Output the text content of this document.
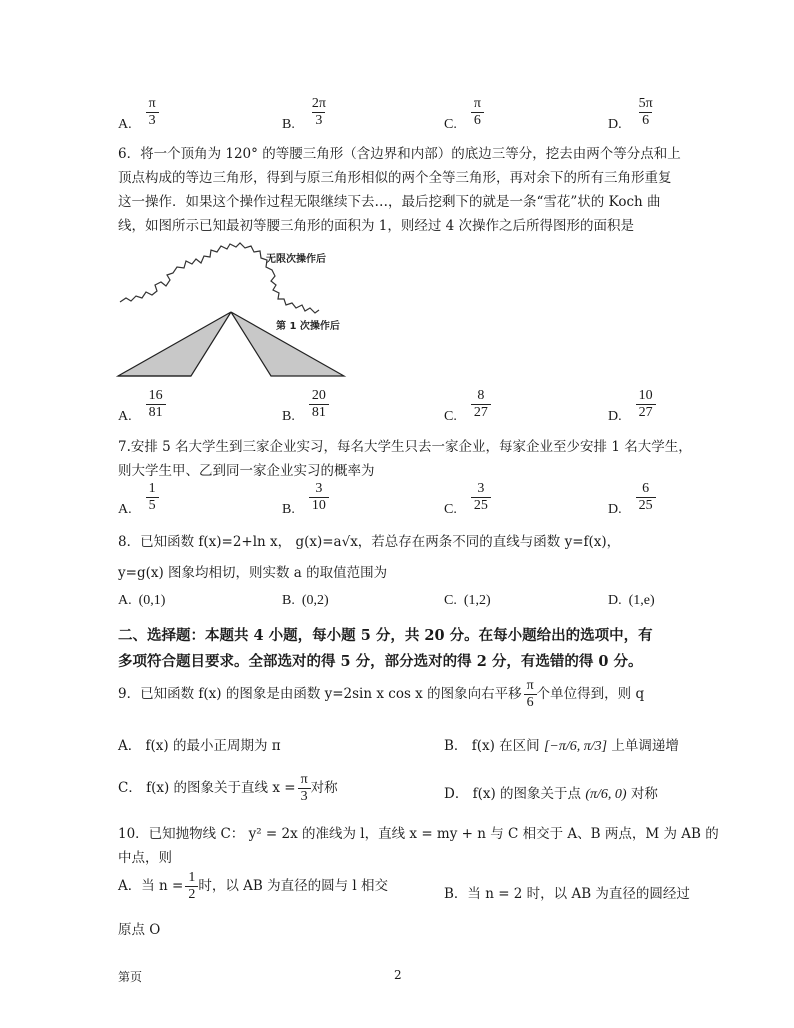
A. $\frac{\pi}{3}$	B. $\frac{2\pi}{3}$	C. $\frac{\pi}{6}$	D. $\frac{5\pi}{6}$
6．将一个顶角为 120° 的等腰三角形（含边界和内部）的底边三等分，挖去由两个等分点和上
顶点构成的等边三角形，得到与原三角形相似的两个全等三角形，再对余下的所有三角形重复
这一操作．如果这个操作过程无限继续下去…，最后挖剩下的就是一条“雪花”状的 Koch 曲
线，如图所示已知最初等腰三角形的面积为 1，则经过 4 次操作之后所得图形的面积是
无限次操作后
第 1 次操作后
A. $\frac{16}{81}$	B. $\frac{20}{81}$	C. $\frac{8}{27}$	D. $\frac{10}{27}$
7.安排 5 名大学生到三家企业实习，每名大学生只去一家企业，每家企业至少安排 1 名大学生，
则大学生甲、乙到同一家企业实习的概率为
A. $\frac{1}{5}$	B. $\frac{3}{10}$	C. $\frac{3}{25}$	D. $\frac{6}{25}$
8．已知函数 f(x)=2+ln x， g(x)=a√x，若总存在两条不同的直线与函数 y=f(x)，
y=g(x) 图象均相切，则实数 a 的取值范围为
A. (0,1)	B. (0,2)	C. (1,2)	D. (1,e)
二、选择题：本题共 4 小题，每小题 5 分，共 20 分。在每小题给出的选项中，有
多项符合题目要求。全部选对的得 5 分，部分选对的得 2 分，有选错的得 0 分。
9．已知函数 f(x) 的图象是由函数 y=2sin x cos x 的图象向右平移 $\frac{\pi}{6}$ 个单位得到，则 q
A． f(x) 的最小正周期为 π	B． f(x) 在区间 [−π/6, π/3] 上单调递增
C． f(x) 的图象关于直线 $x = \frac{\pi}{3}$ 对称	D． f(x) 的图象关于点 (π/6, 0) 对称
10．已知抛物线 C： y² = 2x 的准线为 l，直线 x = my + n 与 C 相交于 A、B 两点，M 为 AB 的
中点，则
A．当 $n = \frac{1}{2}$ 时，以 AB 为直径的圆与 l 相交	B．当 n = 2 时，以 AB 为直径的圆经过
原点 O
第页	2
